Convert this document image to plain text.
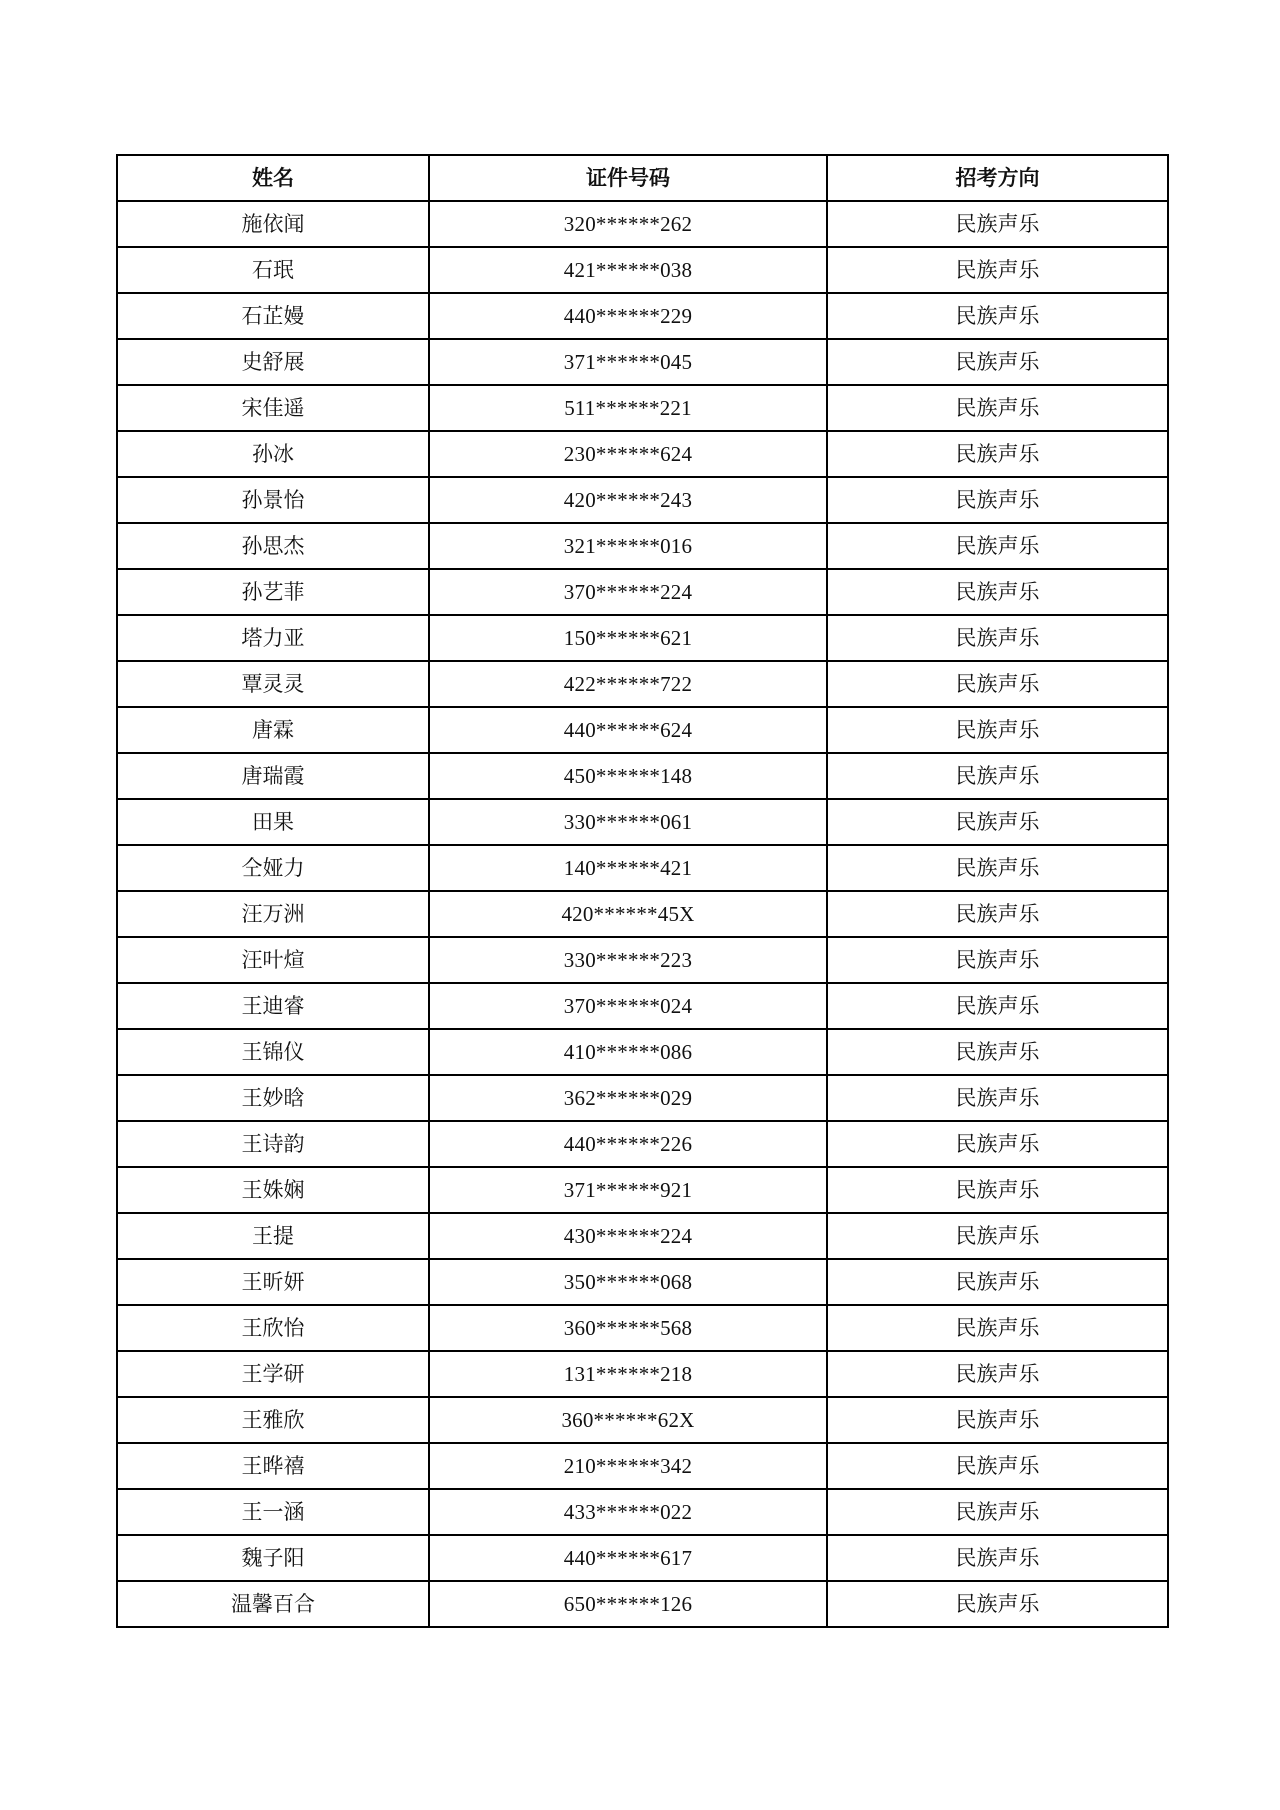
姓名	证件号码	招考方向
施依闻	320******262	民族声乐
石珉	421******038	民族声乐
石芷嫚	440******229	民族声乐
史舒展	371******045	民族声乐
宋佳遥	511******221	民族声乐
孙冰	230******624	民族声乐
孙景怡	420******243	民族声乐
孙思杰	321******016	民族声乐
孙艺菲	370******224	民族声乐
塔力亚	150******621	民族声乐
覃灵灵	422******722	民族声乐
唐霖	440******624	民族声乐
唐瑞霞	450******148	民族声乐
田果	330******061	民族声乐
仝娅力	140******421	民族声乐
汪万洲	420******45X	民族声乐
汪叶煊	330******223	民族声乐
王迪睿	370******024	民族声乐
王锦仪	410******086	民族声乐
王妙晗	362******029	民族声乐
王诗韵	440******226	民族声乐
王姝娴	371******921	民族声乐
王提	430******224	民族声乐
王昕妍	350******068	民族声乐
王欣怡	360******568	民族声乐
王学研	131******218	民族声乐
王雅欣	360******62X	民族声乐
王晔禧	210******342	民族声乐
王一涵	433******022	民族声乐
魏子阳	440******617	民族声乐
温馨百合	650******126	民族声乐
